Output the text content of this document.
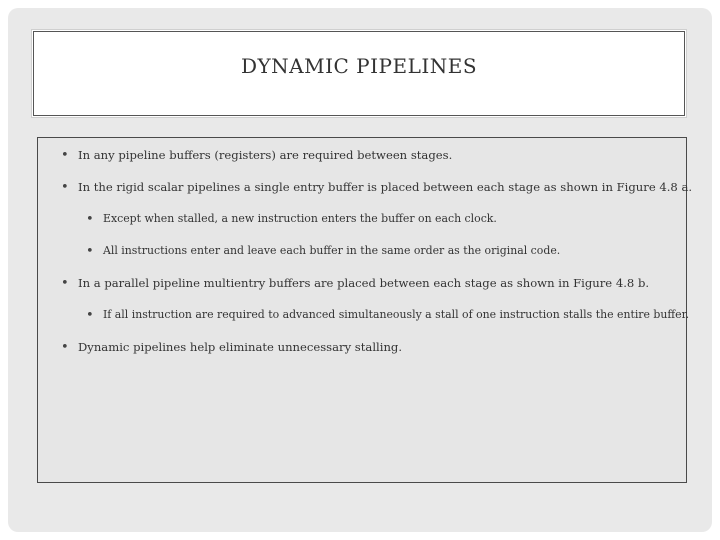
DYNAMIC PIPELINES
• In any pipeline buffers (registers) are required between stages.
• In the rigid scalar pipelines a single entry buffer is placed between each stage as shown in Figure 4.8 a.
• Except when stalled, a new instruction enters the buffer on each clock.
• All instructions enter and leave each buffer in the same order as the original code.
• In a parallel pipeline multientry buffers are placed between each stage as shown in Figure 4.8 b.
• If all instruction are required to advanced simultaneously a stall of one instruction stalls the entire buffer.
• Dynamic pipelines help eliminate unnecessary stalling.
